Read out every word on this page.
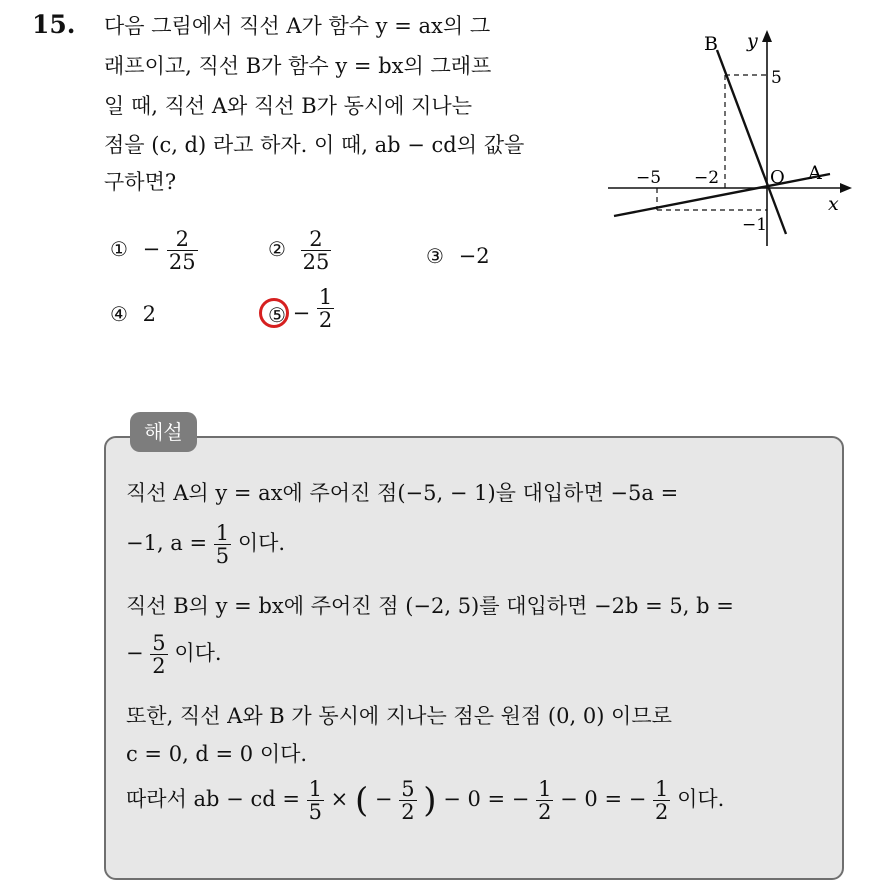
15. 다음 그림에서 직선 A가 함수 y = ax의 그
래프이고, 직선 B가 함수 y = bx의 그래프
일 때, 직선 A와 직선 B가 동시에 지나는
점을 (c, d) 라고 하자. 이 때, ab − cd의 값을
구하면?
① − $\frac{2}{25}$	② $\frac{2}{25}$	③ −2
④ 2	⑤ − $\frac{1}{2}$
B y
5
−5 −2	O A
x
−1
해설
직선 A의 y = ax에 주어진 점(−5, − 1)을 대입하면 −5a =
−1, $a = \frac{1}{5}$ 이다.
직선 B의 y = bx에 주어진 점 (−2, 5)를 대입하면 −2b = 5, b =
− $\frac{5}{2}$ 이다.
또한, 직선 A와 B 가 동시에 지나는 점은 원점 (0, 0) 이므로
c = 0, d = 0 이다.
따라서 ab − cd = $\frac{1}{5}$ × ( − $\frac{5}{2}$ ) − 0 = − $\frac{1}{2} - 0$ = − $\frac{1}{2}$ 이다.
